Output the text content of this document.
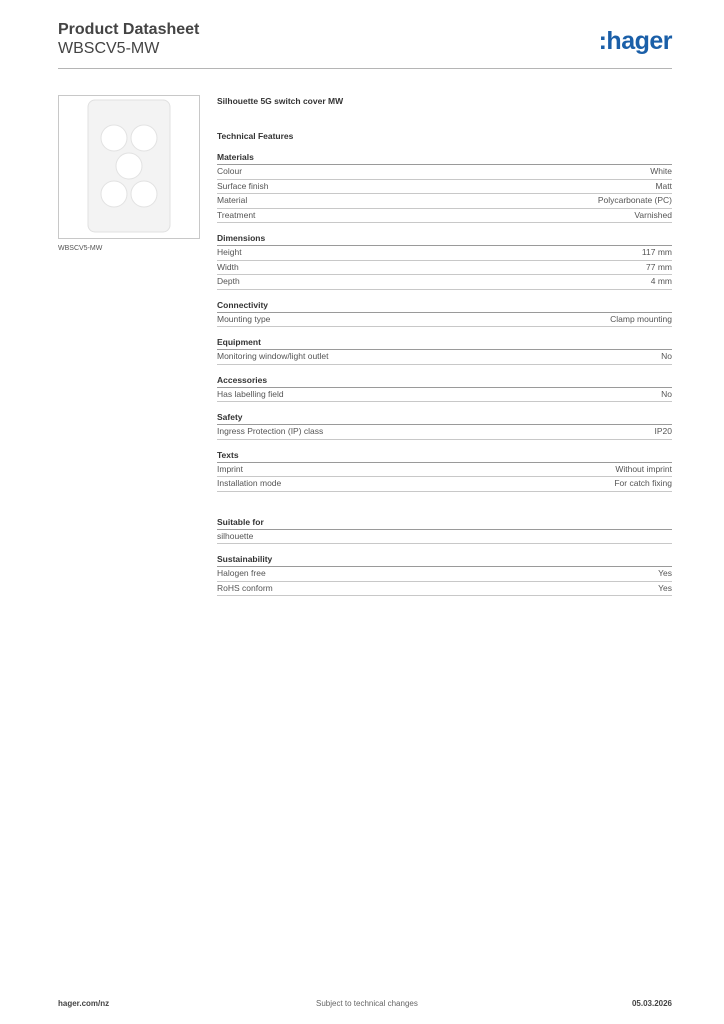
Product Datasheet
WBSCV5-MW	:hager
WBSCV5-MW
Silhouette 5G switch cover MW
Technical Features
Materials
Colour	White
Surface finish	Matt
Material	Polycarbonate (PC)
Treatment	Varnished
Dimensions
Height	117 mm
Width	77 mm
Depth	4 mm
Connectivity
Mounting type	Clamp mounting
Equipment
Monitoring window/light outlet	No
Accessories
Has labelling field	No
Safety
Ingress Protection (IP) class	IP20
Texts
Imprint	Without imprint
Installation mode	For catch fixing
Suitable for
silhouette
Sustainability
Halogen free	Yes
RoHS conform	Yes
hager.com/nz	Subject to technical changes	05.03.2026
